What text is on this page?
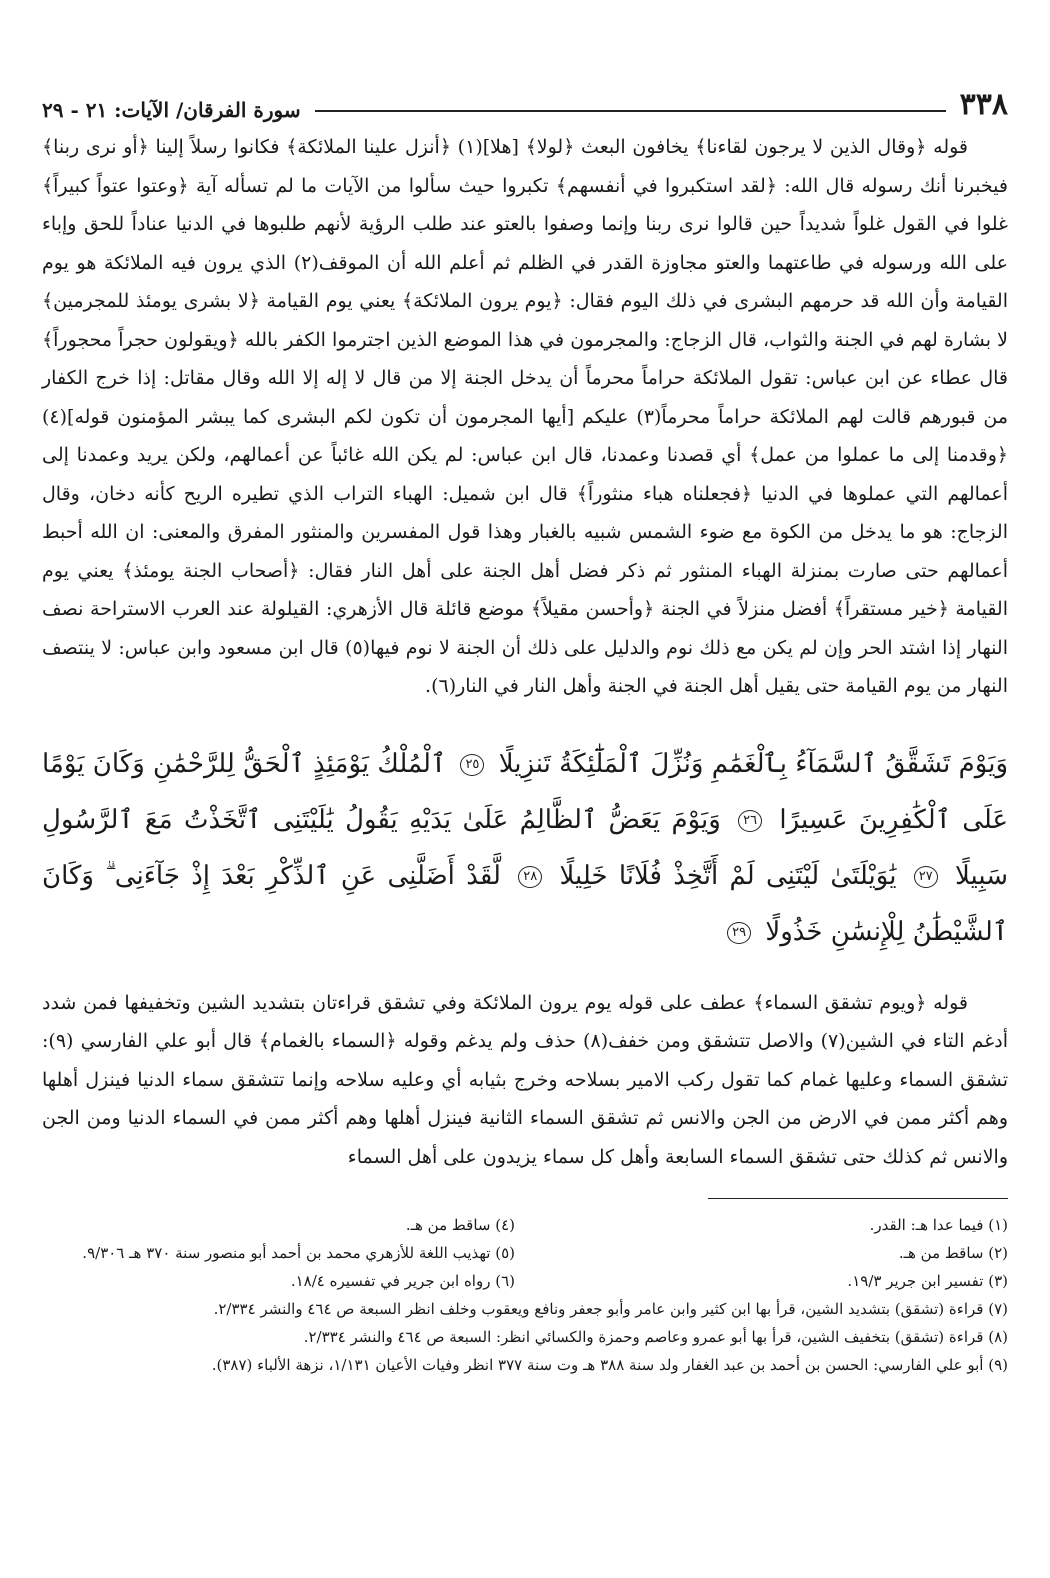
٣٣٨
سورة الفرقان/ الآيات: ٢١ - ٢٩

قوله ﴿وقال الذين لا يرجون لقاءنا﴾ يخافون البعث ﴿لولا﴾ [هلا](١) ﴿أنزل علينا الملائكة﴾ فكانوا رسلاً إلينا ﴿أو نرى ربنا﴾ فيخبرنا أنك رسوله قال الله: ﴿لقد استكبروا في أنفسهم﴾ تكبروا حيث سألوا من الآيات ما لم تسأله آية ﴿وعتوا عتواً كبيراً﴾ غلوا في القول غلواً شديداً حين قالوا نرى ربنا وإنما وصفوا بالعتو عند طلب الرؤية لأنهم طلبوها في الدنيا عناداً للحق وإباء على الله ورسوله في طاعتهما والعتو مجاوزة القدر في الظلم ثم أعلم الله أن الموقف(٢) الذي يرون فيه الملائكة هو يوم القيامة وأن الله قد حرمهم البشرى في ذلك اليوم فقال: ﴿يوم يرون الملائكة﴾ يعني يوم القيامة ﴿لا بشرى يومئذ للمجرمين﴾ لا بشارة لهم في الجنة والثواب، قال الزجاج: والمجرمون في هذا الموضع الذين اجترموا الكفر بالله ﴿ويقولون حجراً محجوراً﴾ قال عطاء عن ابن عباس: تقول الملائكة حراماً محرماً أن يدخل الجنة إلا من قال لا إله إلا الله وقال مقاتل: إذا خرج الكفار من قبورهم قالت لهم الملائكة حراماً محرماً(٣) عليكم [أيها المجرمون أن تكون لكم البشرى كما يبشر المؤمنون قوله](٤) ﴿وقدمنا إلى ما عملوا من عمل﴾ أي قصدنا وعمدنا، قال ابن عباس: لم يكن الله غائباً عن أعمالهم، ولكن يريد وعمدنا إلى أعمالهم التي عملوها في الدنيا ﴿فجعلناه هباء منثوراً﴾ قال ابن شميل: الهباء التراب الذي تطيره الريح كأنه دخان، وقال الزجاج: هو ما يدخل من الكوة مع ضوء الشمس شبيه بالغبار وهذا قول المفسرين والمنثور المفرق والمعنى: ان الله أحبط أعمالهم حتى صارت بمنزلة الهباء المنثور ثم ذكر فضل أهل الجنة على أهل النار فقال: ﴿أصحاب الجنة يومئذ﴾ يعني يوم القيامة ﴿خير مستقراً﴾ أفضل منزلاً في الجنة ﴿وأحسن مقيلاً﴾ موضع قائلة قال الأزهري: القيلولة عند العرب الاستراحة نصف النهار إذا اشتد الحر وإن لم يكن مع ذلك نوم والدليل على ذلك أن الجنة لا نوم فيها(٥) قال ابن مسعود وابن عباس: لا ينتصف النهار من يوم القيامة حتى يقيل أهل الجنة في الجنة وأهل النار في النار(٦).

وَيَوْمَ تَشَقَّقُ ٱلسَّمَآءُ بِٱلْغَمَٰمِ وَنُزِّلَ ٱلْمَلَٰٓئِكَةُ تَنزِيلًا ٢٥ ٱلْمُلْكُ يَوْمَئِذٍ ٱلْحَقُّ لِلرَّحْمَٰنِ وَكَانَ يَوْمًا عَلَى ٱلْكَٰفِرِينَ عَسِيرًا ٢٦ وَيَوْمَ يَعَضُّ ٱلظَّالِمُ عَلَىٰ يَدَيْهِ يَقُولُ يَٰلَيْتَنِى ٱتَّخَذْتُ مَعَ ٱلرَّسُولِ سَبِيلًا ٢٧ يَٰوَيْلَتَىٰ لَيْتَنِى لَمْ أَتَّخِذْ فُلَانًا خَلِيلًا ٢٨ لَّقَدْ أَضَلَّنِى عَنِ ٱلذِّكْرِ بَعْدَ إِذْ جَآءَنِى ۗ وَكَانَ ٱلشَّيْطَٰنُ لِلْإِنسَٰنِ خَذُولًا ٢٩

قوله ﴿ويوم تشقق السماء﴾ عطف على قوله يوم يرون الملائكة وفي تشقق قراءتان بتشديد الشين وتخفيفها فمن شدد أدغم التاء في الشين(٧) والاصل تتشقق ومن خفف(٨) حذف ولم يدغم وقوله ﴿السماء بالغمام﴾ قال أبو علي الفارسي (٩): تشقق السماء وعليها غمام كما تقول ركب الامير بسلاحه وخرج بثيابه أي وعليه سلاحه وإنما تتشقق سماء الدنيا فينزل أهلها وهم أكثر ممن في الارض من الجن والانس ثم تشقق السماء الثانية فينزل أهلها وهم أكثر ممن في السماء الدنيا ومن الجن والانس ثم كذلك حتى تشقق السماء السابعة وأهل كل سماء يزيدون على أهل السماء

(١) فيما عدا هـ: القدر.
(٤) ساقط من هـ.
(٢) ساقط من هـ.
(٥) تهذيب اللغة للأزهري محمد بن أحمد أبو منصور سنة ٣٧٠ هـ ٩/٣٠٦.
(٣) تفسير ابن جرير ١٩/٣.
(٦) رواه ابن جرير في تفسيره ١٨/٤.
(٧) قراءة (تشقق) بتشديد الشين، قرأ بها ابن كثير وابن عامر وأبو جعفر ونافع ويعقوب وخلف انظر السبعة ص ٤٦٤ والنشر ٢/٣٣٤.
(٨) قراءة (تشقق) بتخفيف الشين، قرأ بها أبو عمرو وعاصم وحمزة والكسائي انظر: السبعة ص ٤٦٤ والنشر ٢/٣٣٤.
(٩) أبو علي الفارسي: الحسن بن أحمد بن عبد الغفار ولد سنة ٣٨٨ هـ وت سنة ٣٧٧ انظر وفيات الأعيان ١/١٣١، نزهة الألباء (٣٨٧).
